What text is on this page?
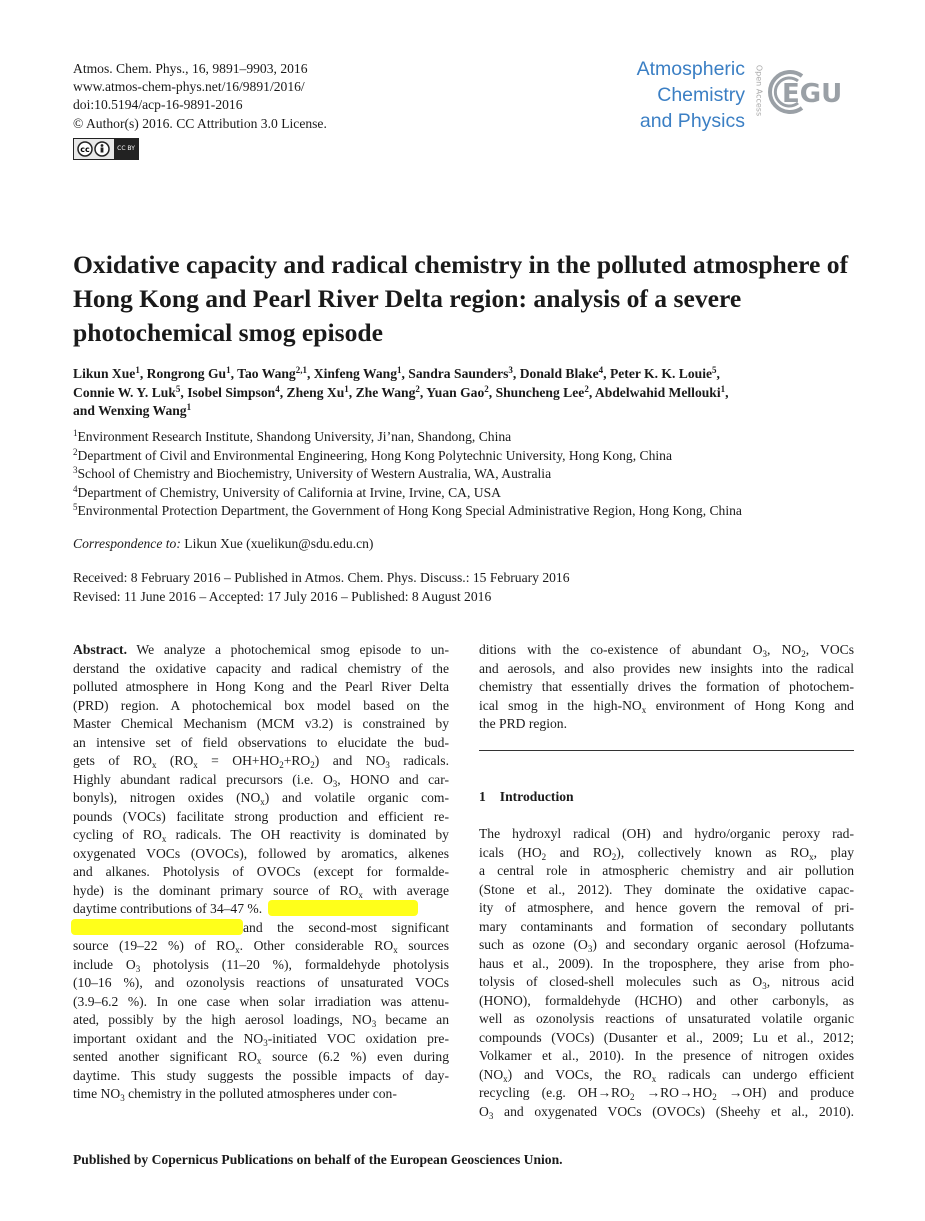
Atmos. Chem. Phys., 16, 9891–9903, 2016
www.atmos-chem-phys.net/16/9891/2016/
doi:10.5194/acp-16-9891-2016
© Author(s) 2016. CC Attribution 3.0 License.
cc	CC BY
Atmospheric
Chemistry
and Physics
Open Access EGU
Oxidative capacity and radical chemistry in the polluted atmosphere of Hong Kong and Pearl River Delta region: analysis of a severe photochemical smog episode
Likun Xue$^1$, Rongrong Gu$^1$, Tao Wang$^{2,1}$, Xinfeng Wang$^1$, Sandra Saunders$^3$, Donald Blake$^4$, Peter K. K. Louie$^5$,
Connie W. Y. Luk$^5$, Isobel Simpson$^4$, Zheng Xu$^1$, Zhe Wang$^2$, Yuan Gao$^2$, Shuncheng Lee$^2$, Abdelwahid Mellouki$^1$,
and Wenxing Wang$^1$
$^1$Environment Research Institute, Shandong University, Ji’nan, Shandong, China
$^2$Department of Civil and Environmental Engineering, Hong Kong Polytechnic University, Hong Kong, China
$^3$School of Chemistry and Biochemistry, University of Western Australia, WA, Australia
$^4$Department of Chemistry, University of California at Irvine, Irvine, CA, USA
$^5$Environmental Protection Department, the Government of Hong Kong Special Administrative Region, Hong Kong, China
Correspondence to: Likun Xue (xuelikun@sdu.edu.cn)
Received: 8 February 2016 – Published in Atmos. Chem. Phys. Discuss.: 15 February 2016
Revised: 11 June 2016 – Accepted: 17 July 2016 – Published: 8 August 2016
Abstract. We analyze a photochemical smog episode to un-
derstand the oxidative capacity and radical chemistry of the
polluted atmosphere in Hong Kong and the Pearl River Delta
(PRD) region. A photochemical box model based on the
Master Chemical Mechanism (MCM v3.2) is constrained by
an intensive set of field observations to elucidate the bud-
gets of $RO_x$ $(RO_x = OH+HO_2+RO_2)$ and $NO_3$ radicals.
Highly abundant radical precursors (i.e. $O_3$, HONO and car-
bonyls), nitrogen oxides $(NO_x)$ and volatile organic com-
pounds (VOCs) facilitate strong production and efficient re-
cycling of $RO_x$ radicals. The OH reactivity is dominated by
oxygenated VOCs (OVOCs), followed by aromatics, alkenes
and alkanes. Photolysis of OVOCs (except for formalde-
hyde) is the dominant primary source of $RO_x$ with average
daytime contributions of 34–47 %.
and the second-most significant
source (19–22 %) of $RO_x$. Other considerable $RO_x$ sources
include $O_3$ photolysis (11–20 %), formaldehyde photolysis
(10–16 %), and ozonolysis reactions of unsaturated VOCs
(3.9–6.2 %). In one case when solar irradiation was attenu-
ated, possibly by the high aerosol loadings, $NO_3$ became an
important oxidant and the $NO_3$-initiated VOC oxidation pre-
sented another significant $RO_x$ source (6.2 %) even during
daytime. This study suggests the possible impacts of day-
time $NO_3$ chemistry in the polluted atmospheres under con-
ditions with the co-existence of abundant $O_3$, $NO_2$, VOCs
and aerosols, and also provides new insights into the radical
chemistry that essentially drives the formation of photochem-
ical smog in the high-$NO_x$ environment of Hong Kong and
the PRD region.
1 Introduction
The hydroxyl radical (OH) and hydro/organic peroxy rad-
icals ($HO_2$ and $RO_2$), collectively known as $RO_x$, play
a central role in atmospheric chemistry and air pollution
(Stone et al., 2012). They dominate the oxidative capac-
ity of atmosphere, and hence govern the removal of pri-
mary contaminants and formation of secondary pollutants
such as ozone $(O_3)$ and secondary organic aerosol (Hofzuma-
haus et al., 2009). In the troposphere, they arise from pho-
tolysis of closed-shell molecules such as $O_3$, nitrous acid
(HONO), formaldehyde (HCHO) and other carbonyls, as
well as ozonolysis reactions of unsaturated volatile organic
compounds (VOCs) (Dusanter et al., 2009; Lu et al., 2012;
Volkamer et al., 2010). In the presence of nitrogen oxides
$(NO_x)$ and VOCs, the $RO_x$ radicals can undergo efficient
recycling (e.g. $OH\to RO_2 \to RO\to HO_2 \to OH$) and produce
$O_3$ and oxygenated VOCs (OVOCs) (Sheehy et al., 2010).
Published by Copernicus Publications on behalf of the European Geosciences Union.
